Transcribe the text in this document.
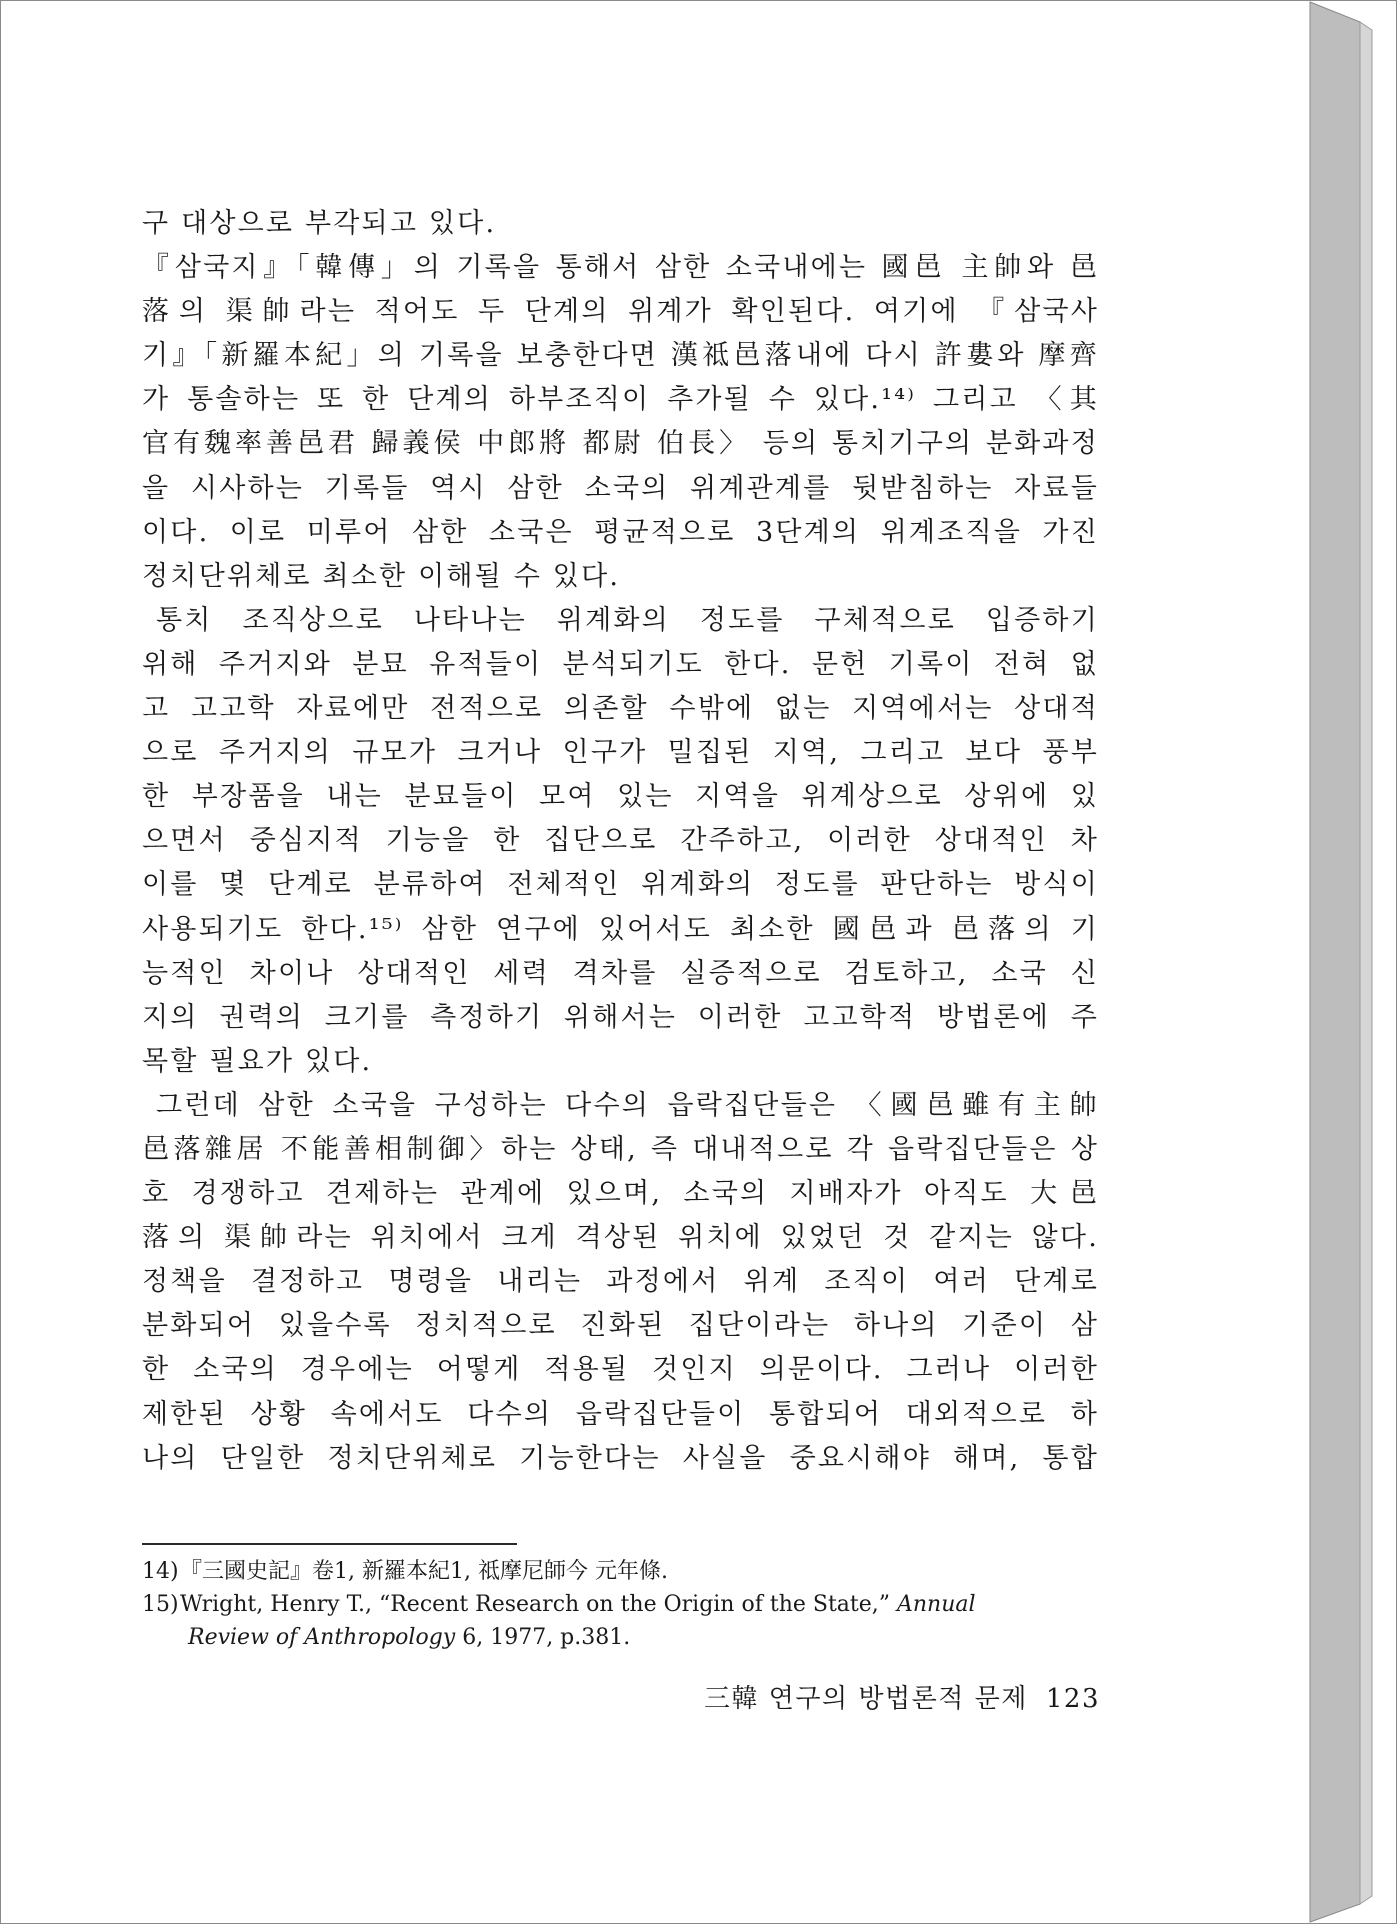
구 대상으로 부각되고 있다.
『삼국지』「韓傳」의 기록을 통해서 삼한 소국내에는 國邑 主帥와 邑
落의 渠帥라는 적어도 두 단계의 위계가 확인된다. 여기에 『삼국사
기』「新羅本紀」의 기록을 보충한다면 漢祗邑落내에 다시 許婁와 摩齊
가 통솔하는 또 한 단계의 하부조직이 추가될 수 있다.¹⁴⁾ 그리고 〈其
官有魏率善邑君 歸義侯 中郎將 都尉 伯長〉 등의 통치기구의 분화과정
을 시사하는 기록들 역시 삼한 소국의 위계관계를 뒷받침하는 자료들
이다. 이로 미루어 삼한 소국은 평균적으로 3단계의 위계조직을 가진
정치단위체로 최소한 이해될 수 있다.
통치 조직상으로 나타나는 위계화의 정도를 구체적으로 입증하기
위해 주거지와 분묘 유적들이 분석되기도 한다. 문헌 기록이 전혀 없
고 고고학 자료에만 전적으로 의존할 수밖에 없는 지역에서는 상대적
으로 주거지의 규모가 크거나 인구가 밀집된 지역, 그리고 보다 풍부
한 부장품을 내는 분묘들이 모여 있는 지역을 위계상으로 상위에 있
으면서 중심지적 기능을 한 집단으로 간주하고, 이러한 상대적인 차
이를 몇 단계로 분류하여 전체적인 위계화의 정도를 판단하는 방식이
사용되기도 한다.¹⁵⁾ 삼한 연구에 있어서도 최소한 國邑과 邑落의 기
능적인 차이나 상대적인 세력 격차를 실증적으로 검토하고, 소국 신
지의 권력의 크기를 측정하기 위해서는 이러한 고고학적 방법론에 주
목할 필요가 있다.
그런데 삼한 소국을 구성하는 다수의 읍락집단들은 〈國邑雖有主帥
邑落雜居 不能善相制御〉하는 상태, 즉 대내적으로 각 읍락집단들은 상
호 경쟁하고 견제하는 관계에 있으며, 소국의 지배자가 아직도 大邑
落의 渠帥라는 위치에서 크게 격상된 위치에 있었던 것 같지는 않다.
정책을 결정하고 명령을 내리는 과정에서 위계 조직이 여러 단계로
분화되어 있을수록 정치적으로 진화된 집단이라는 하나의 기준이 삼
한 소국의 경우에는 어떻게 적용될 것인지 의문이다. 그러나 이러한
제한된 상황 속에서도 다수의 읍락집단들이 통합되어 대외적으로 하
나의 단일한 정치단위체로 기능한다는 사실을 중요시해야 해며, 통합
14)『三國史記』卷1, 新羅本紀1, 祗摩尼師今 元年條.
15)Wright, Henry T., “Recent Research on the Origin of the State,” Annual
Review of Anthropology 6, 1977, p.381.
三韓 연구의 방법론적 문제 123
